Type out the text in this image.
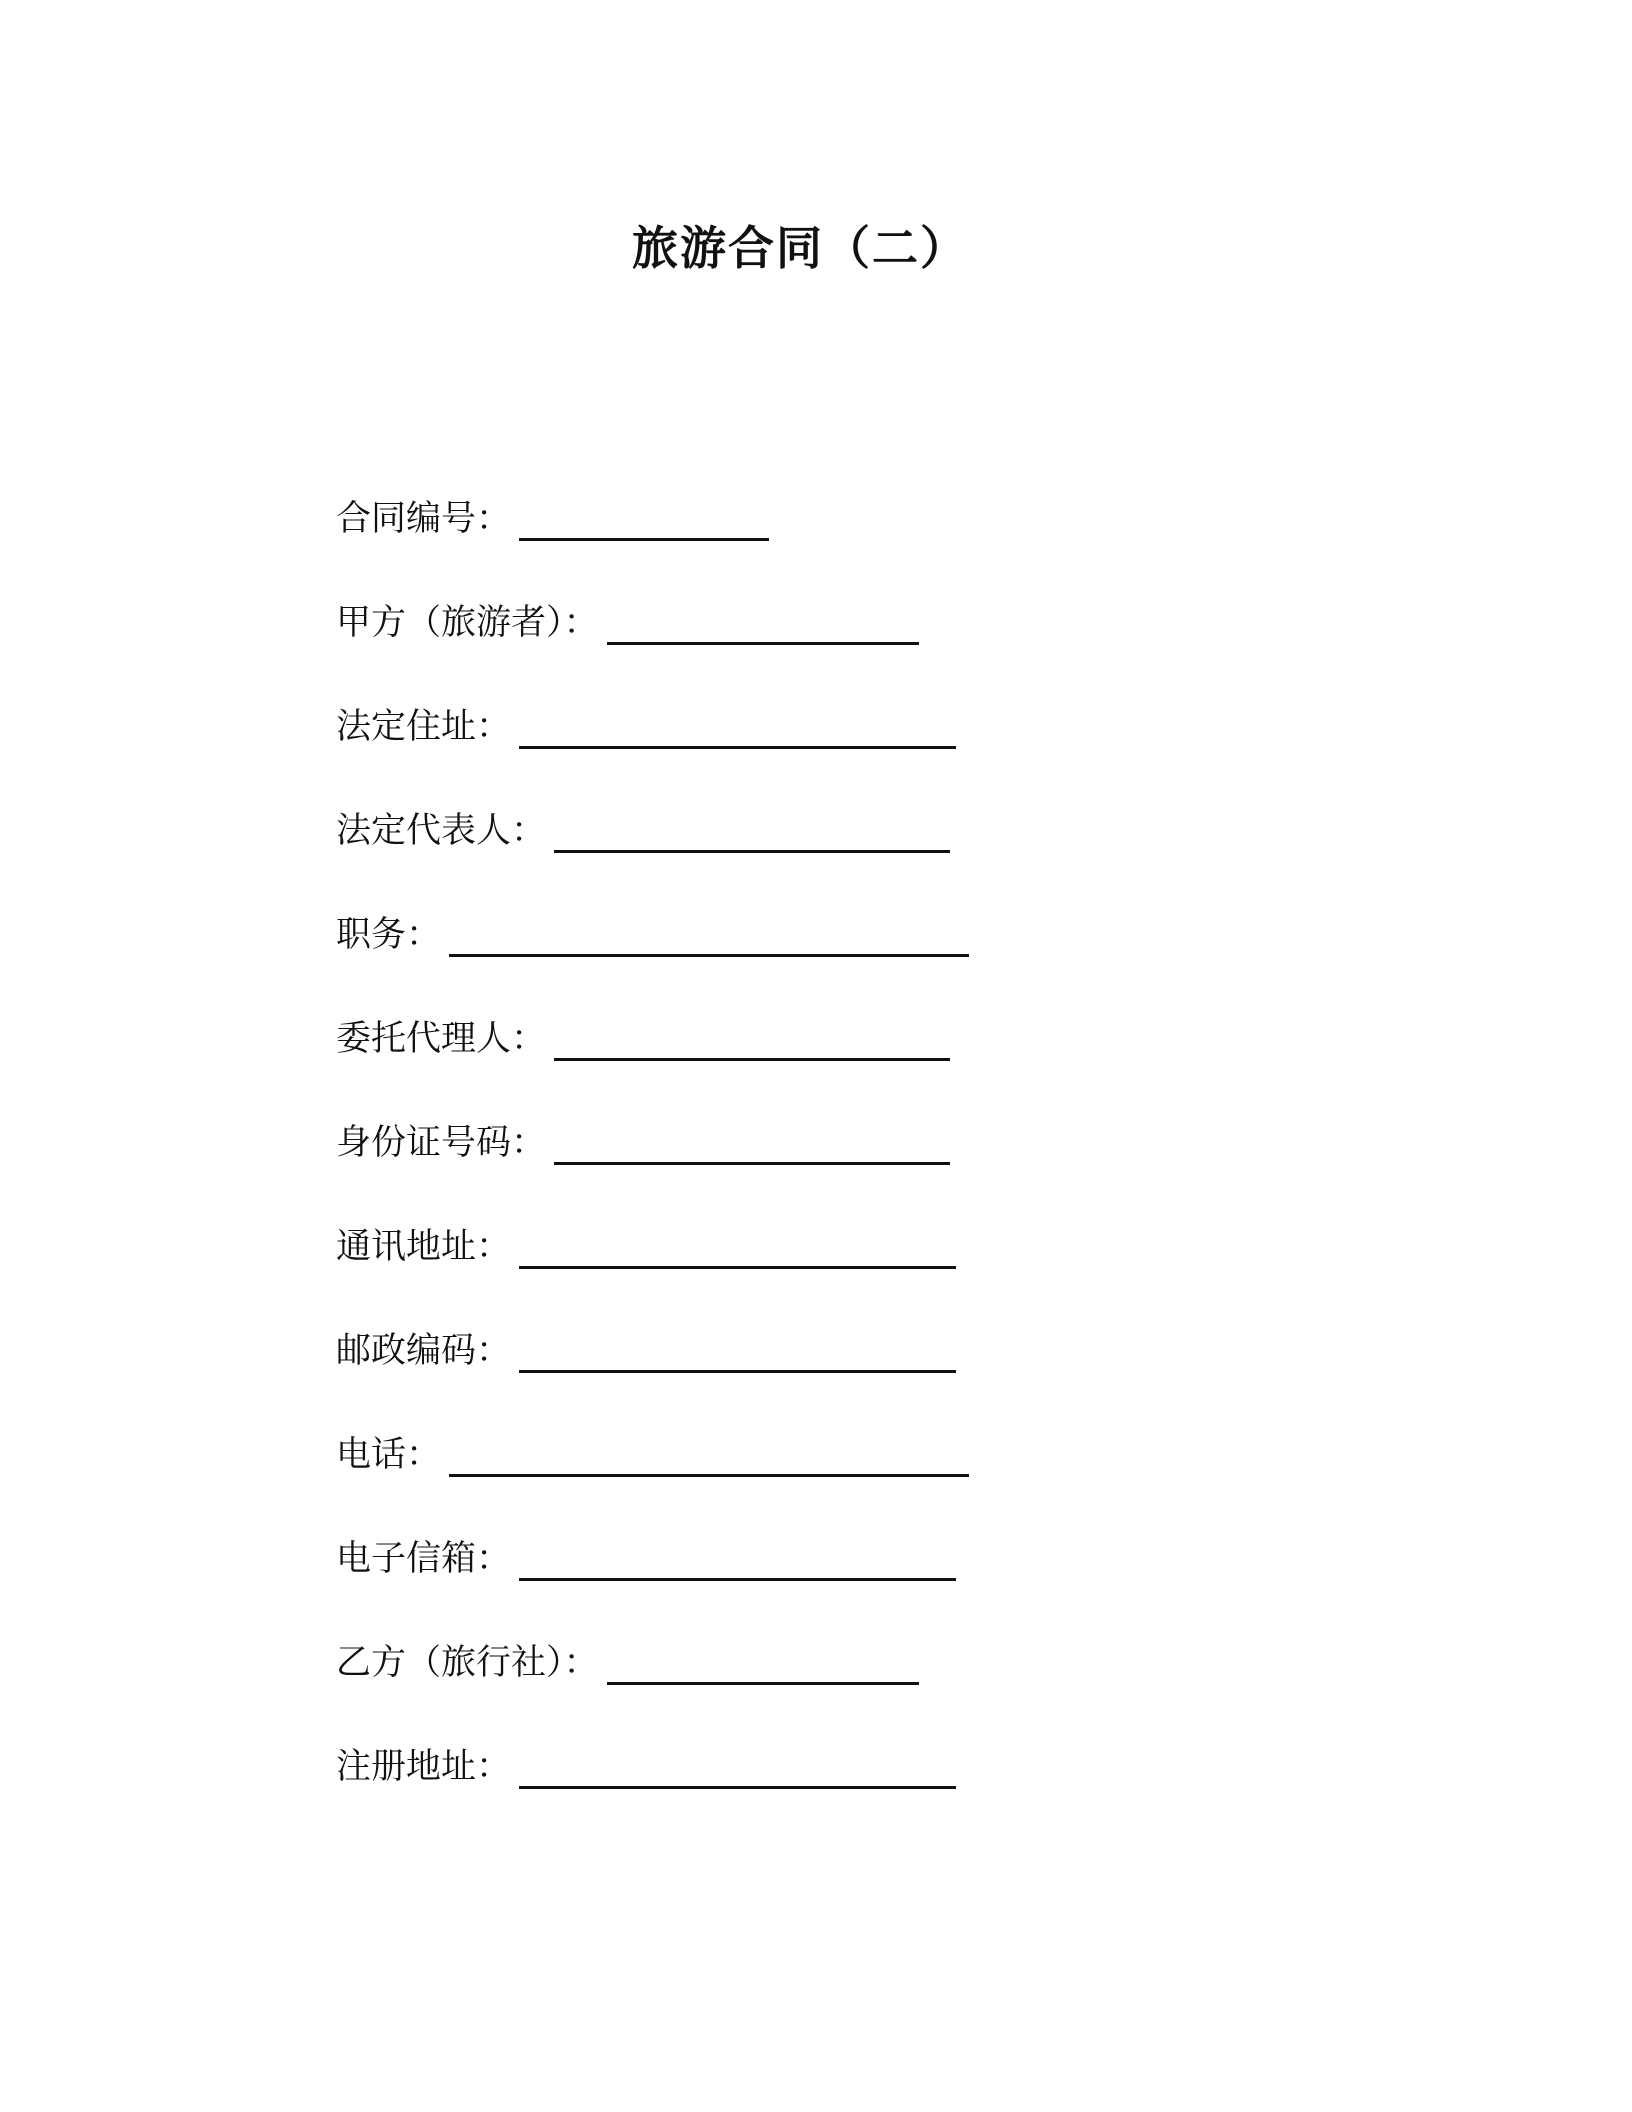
旅游合同（二）
合同编号：
甲方（旅游者）：
法定住址：
法定代表人：
职务：
委托代理人：
身份证号码：
通讯地址：
邮政编码：
电话：
电子信箱：
乙方（旅行社）：
注册地址：
